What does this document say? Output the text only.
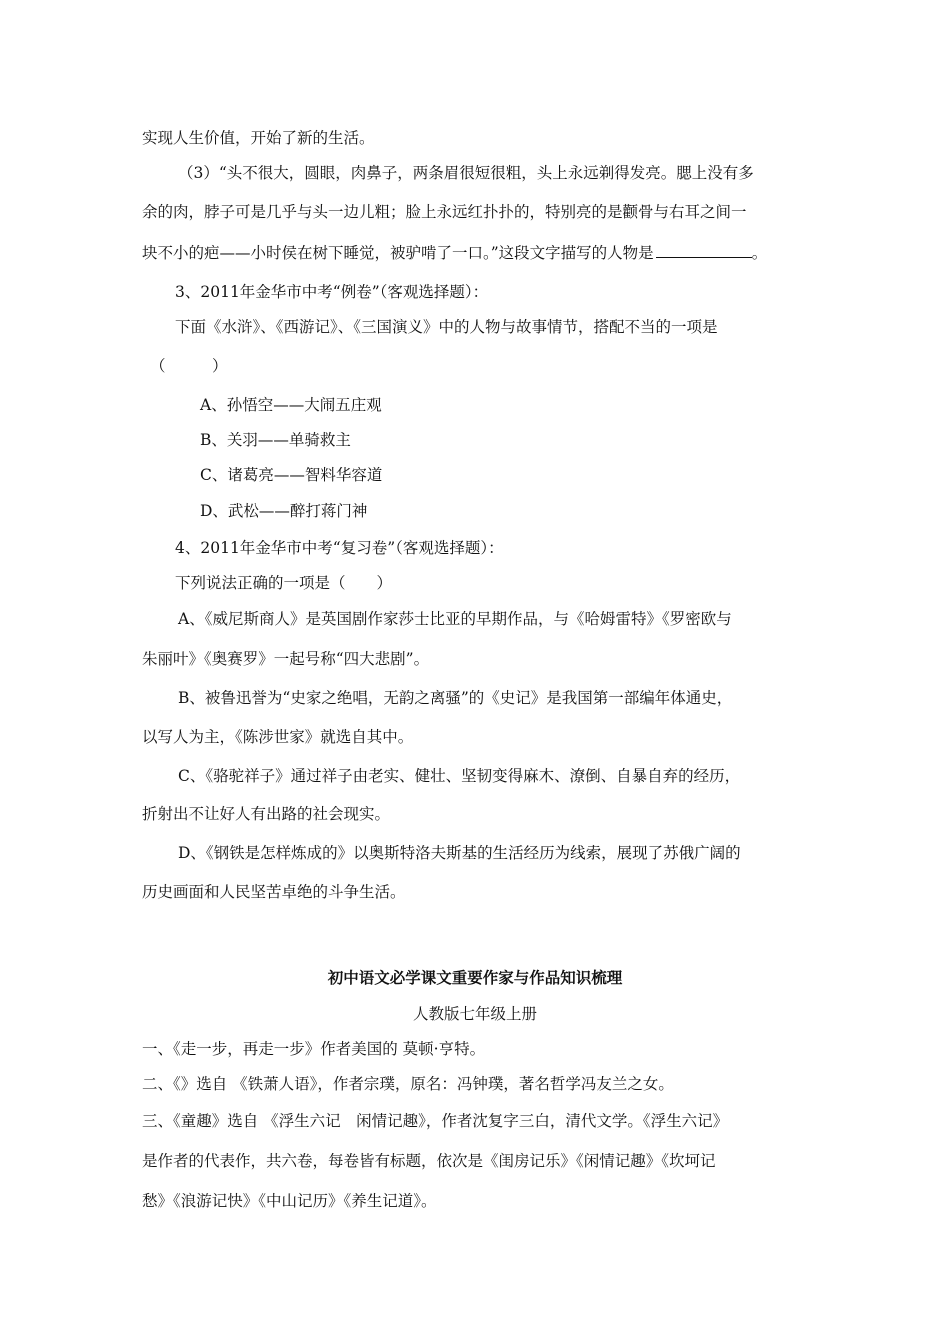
实现人生价值，开始了新的生活。
（3）“头不很大，圆眼，肉鼻子，两条眉很短很粗，头上永远剃得发亮。腮上没有多
余的肉，脖子可是几乎与头一边儿粗；脸上永远红扑扑的，特别亮的是颧骨与右耳之间一
块不小的疤——小时侯在树下睡觉，被驴啃了一口。”这段文字描写的人物是	。
3、2011年金华市中考“例卷”（客观选择题）：
下面《水浒》、《西游记》、《三国演义》中的人物与故事情节，搭配不当的一项是
（　　　）
A、孙悟空——大闹五庄观
B、关羽——单骑救主
C、诸葛亮——智料华容道
D、武松——醉打蒋门神
4、2011年金华市中考“复习卷”（客观选择题）：
下列说法正确的一项是（　　）
A、《威尼斯商人》是英国剧作家莎士比亚的早期作品，与《哈姆雷特》《罗密欧与
朱丽叶》《奥赛罗》一起号称“四大悲剧”。
B、被鲁迅誉为“史家之绝唱，无韵之离骚”的《史记》是我国第一部编年体通史，
以写人为主，《陈涉世家》就选自其中。
C、《骆驼祥子》通过祥子由老实、健壮、坚韧变得麻木、潦倒、自暴自弃的经历，
折射出不让好人有出路的社会现实。
D、《钢铁是怎样炼成的》以奥斯特洛夫斯基的生活经历为线索，展现了苏俄广阔的
历史画面和人民坚苦卓绝的斗争生活。
初中语文必学课文重要作家与作品知识梳理
人教版七年级上册
一、《走一步，再走一步》作者美国的 莫顿·亨特。
二、《》选自 《铁萧人语》，作者宗璞，原名：冯钟璞，著名哲学冯友兰之女。
三、《童趣》选自 《浮生六记　闲情记趣》，作者沈复字三白，清代文学。《浮生六记》
是作者的代表作，共六卷，每卷皆有标题，依次是《闺房记乐》《闲情记趣》《坎坷记
愁》《浪游记快》《中山记历》《养生记道》。
